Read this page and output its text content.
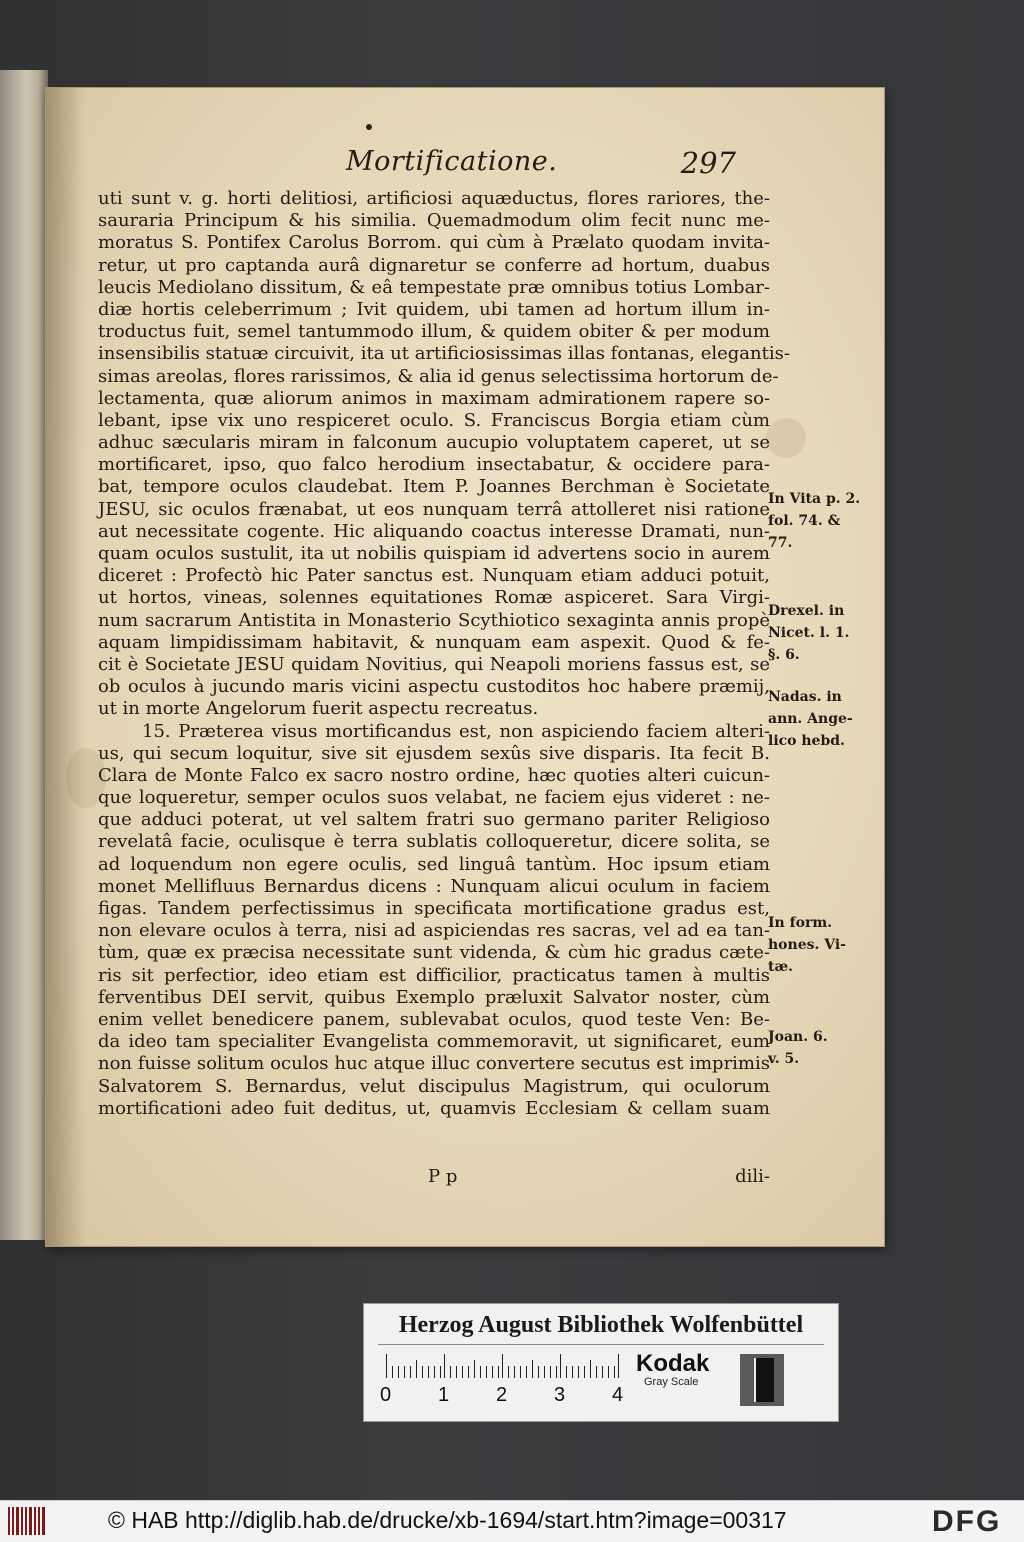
Mortificatione.	297
uti sunt v. g. horti delitiosi, artificiosi aquæductus, flores rariores, the-
sauraria Principum & his similia. Quemadmodum olim fecit nunc me-
moratus S. Pontifex Carolus Borrom. qui cùm à Prælato quodam invita-
retur, ut pro captanda aurâ dignaretur se conferre ad hortum, duabus
leucis Mediolano dissitum, & eâ tempestate præ omnibus totius Lombar-
diæ hortis celeberrimum ; Ivit quidem, ubi tamen ad hortum illum in-
troductus fuit, semel tantummodo illum, & quidem obiter & per modum
insensibilis statuæ circuivit, ita ut artificiosissimas illas fontanas, elegantis-
simas areolas, flores rarissimos, & alia id genus selectissima hortorum de-
lectamenta, quæ aliorum animos in maximam admirationem rapere so-
lebant, ipse vix uno respiceret oculo. S. Franciscus Borgia etiam cùm
adhuc sæcularis miram in falconum aucupio voluptatem caperet, ut se
mortificaret, ipso, quo falco herodium insectabatur, & occidere para-
bat, tempore oculos claudebat. Item P. Joannes Berchman è Societate
JESU, sic oculos frænabat, ut eos nunquam terrâ attolleret nisi ratione
aut necessitate cogente. Hic aliquando coactus interesse Dramati, nun-
quam oculos sustulit, ita ut nobilis quispiam id advertens socio in aurem
diceret : Profectò hic Pater sanctus est. Nunquam etiam adduci potuit,
ut hortos, vineas, solennes equitationes Romæ aspiceret. Sara Virgi-
num sacrarum Antistita in Monasterio Scythiotico sexaginta annis propè
aquam limpidissimam habitavit, & nunquam eam aspexit. Quod & fe-
cit è Societate JESU quidam Novitius, qui Neapoli moriens fassus est, se
ob oculos à jucundo maris vicini aspectu custoditos hoc habere præmij,
ut in morte Angelorum fuerit aspectu recreatus.
15. Præterea visus mortificandus est, non aspiciendo faciem alteri-
us, qui secum loquitur, sive sit ejusdem sexûs sive disparis. Ita fecit B.
Clara de Monte Falco ex sacro nostro ordine, hæc quoties alteri cuicun-
que loqueretur, semper oculos suos velabat, ne faciem ejus videret : ne-
que adduci poterat, ut vel saltem fratri suo germano pariter Religioso
revelatâ facie, oculisque è terra sublatis colloqueretur, dicere solita, se
ad loquendum non egere oculis, sed linguâ tantùm. Hoc ipsum etiam
monet Mellifluus Bernardus dicens : Nunquam alicui oculum in faciem
figas. Tandem perfectissimus in specificata mortificatione gradus est,
non elevare oculos à terra, nisi ad aspiciendas res sacras, vel ad ea tan-
tùm, quæ ex præcisa necessitate sunt videnda, & cùm hic gradus cæte-
ris sit perfectior, ideo etiam est difficilior, practicatus tamen à multis
ferventibus DEI servit, quibus Exemplo præluxit Salvator noster, cùm
enim vellet benedicere panem, sublevabat oculos, quod teste Ven: Be-
da ideo tam specialiter Evangelista commemoravit, ut significaret, eum
non fuisse solitum oculos huc atque illuc convertere secutus est imprimis
Salvatorem S. Bernardus, velut discipulus Magistrum, qui oculorum
mortificationi adeo fuit deditus, ut, quamvis Ecclesiam & cellam suam
In Vita p. 2.
fol. 74. &
77.
Drexel. in
Nicet. l. 1.
§. 6.
Nadas. in
ann. Ange-
lico hebd.
In form.
hones. Vi-
tæ.
Joan. 6.
v. 5.
P p	dili-
Herzog August Bibliothek Wolfenbüttel
0 1 2 3 4
Kodak
Gray Scale
© HAB http://diglib.hab.de/drucke/xb-1694/start.htm?image=00317	DFG
